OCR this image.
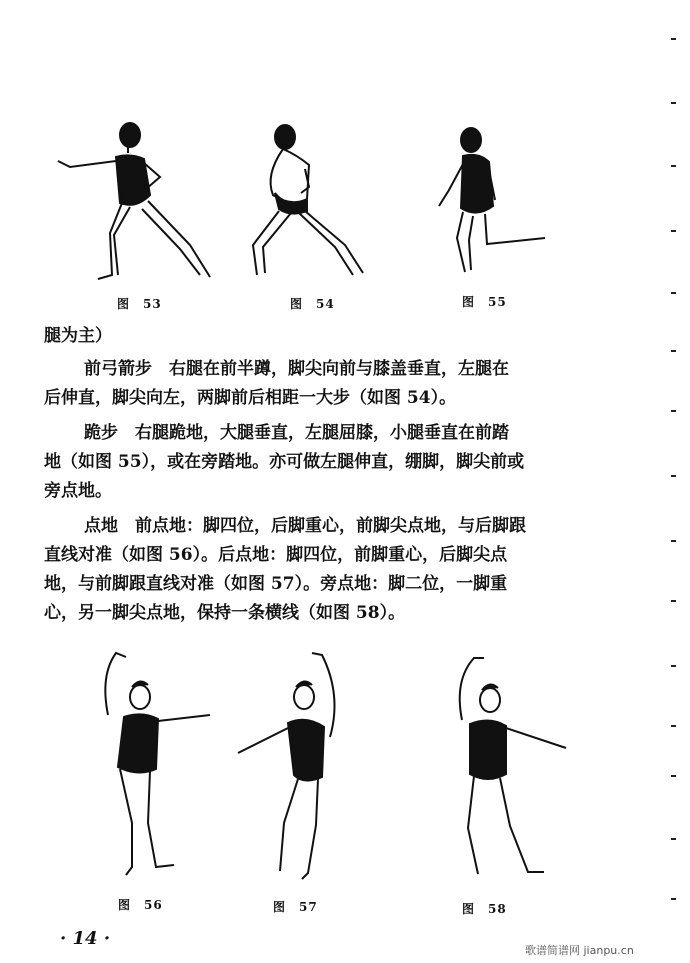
图　53	图　54	图　55

腿为主）

前弓箭步　右腿在前半蹲，脚尖向前与膝盖垂直，左腿在

后伸直，脚尖向左，两脚前后相距一大步（如图 54）。

跪步　右腿跪地，大腿垂直，左腿屈膝，小腿垂直在前踏

地（如图 55），或在旁踏地。亦可做左腿伸直，绷脚，脚尖前或

旁点地。

点地　前点地：脚四位，后脚重心，前脚尖点地，与后脚跟

直线对准（如图 56）。后点地：脚四位，前脚重心，后脚尖点

地，与前脚跟直线对准（如图 57）。旁点地：脚二位，一脚重

心，另一脚尖点地，保持一条横线（如图 58）。

图　56	图　57	图　58
· 14 ·
歌谱简谱网 jianpu.cn
